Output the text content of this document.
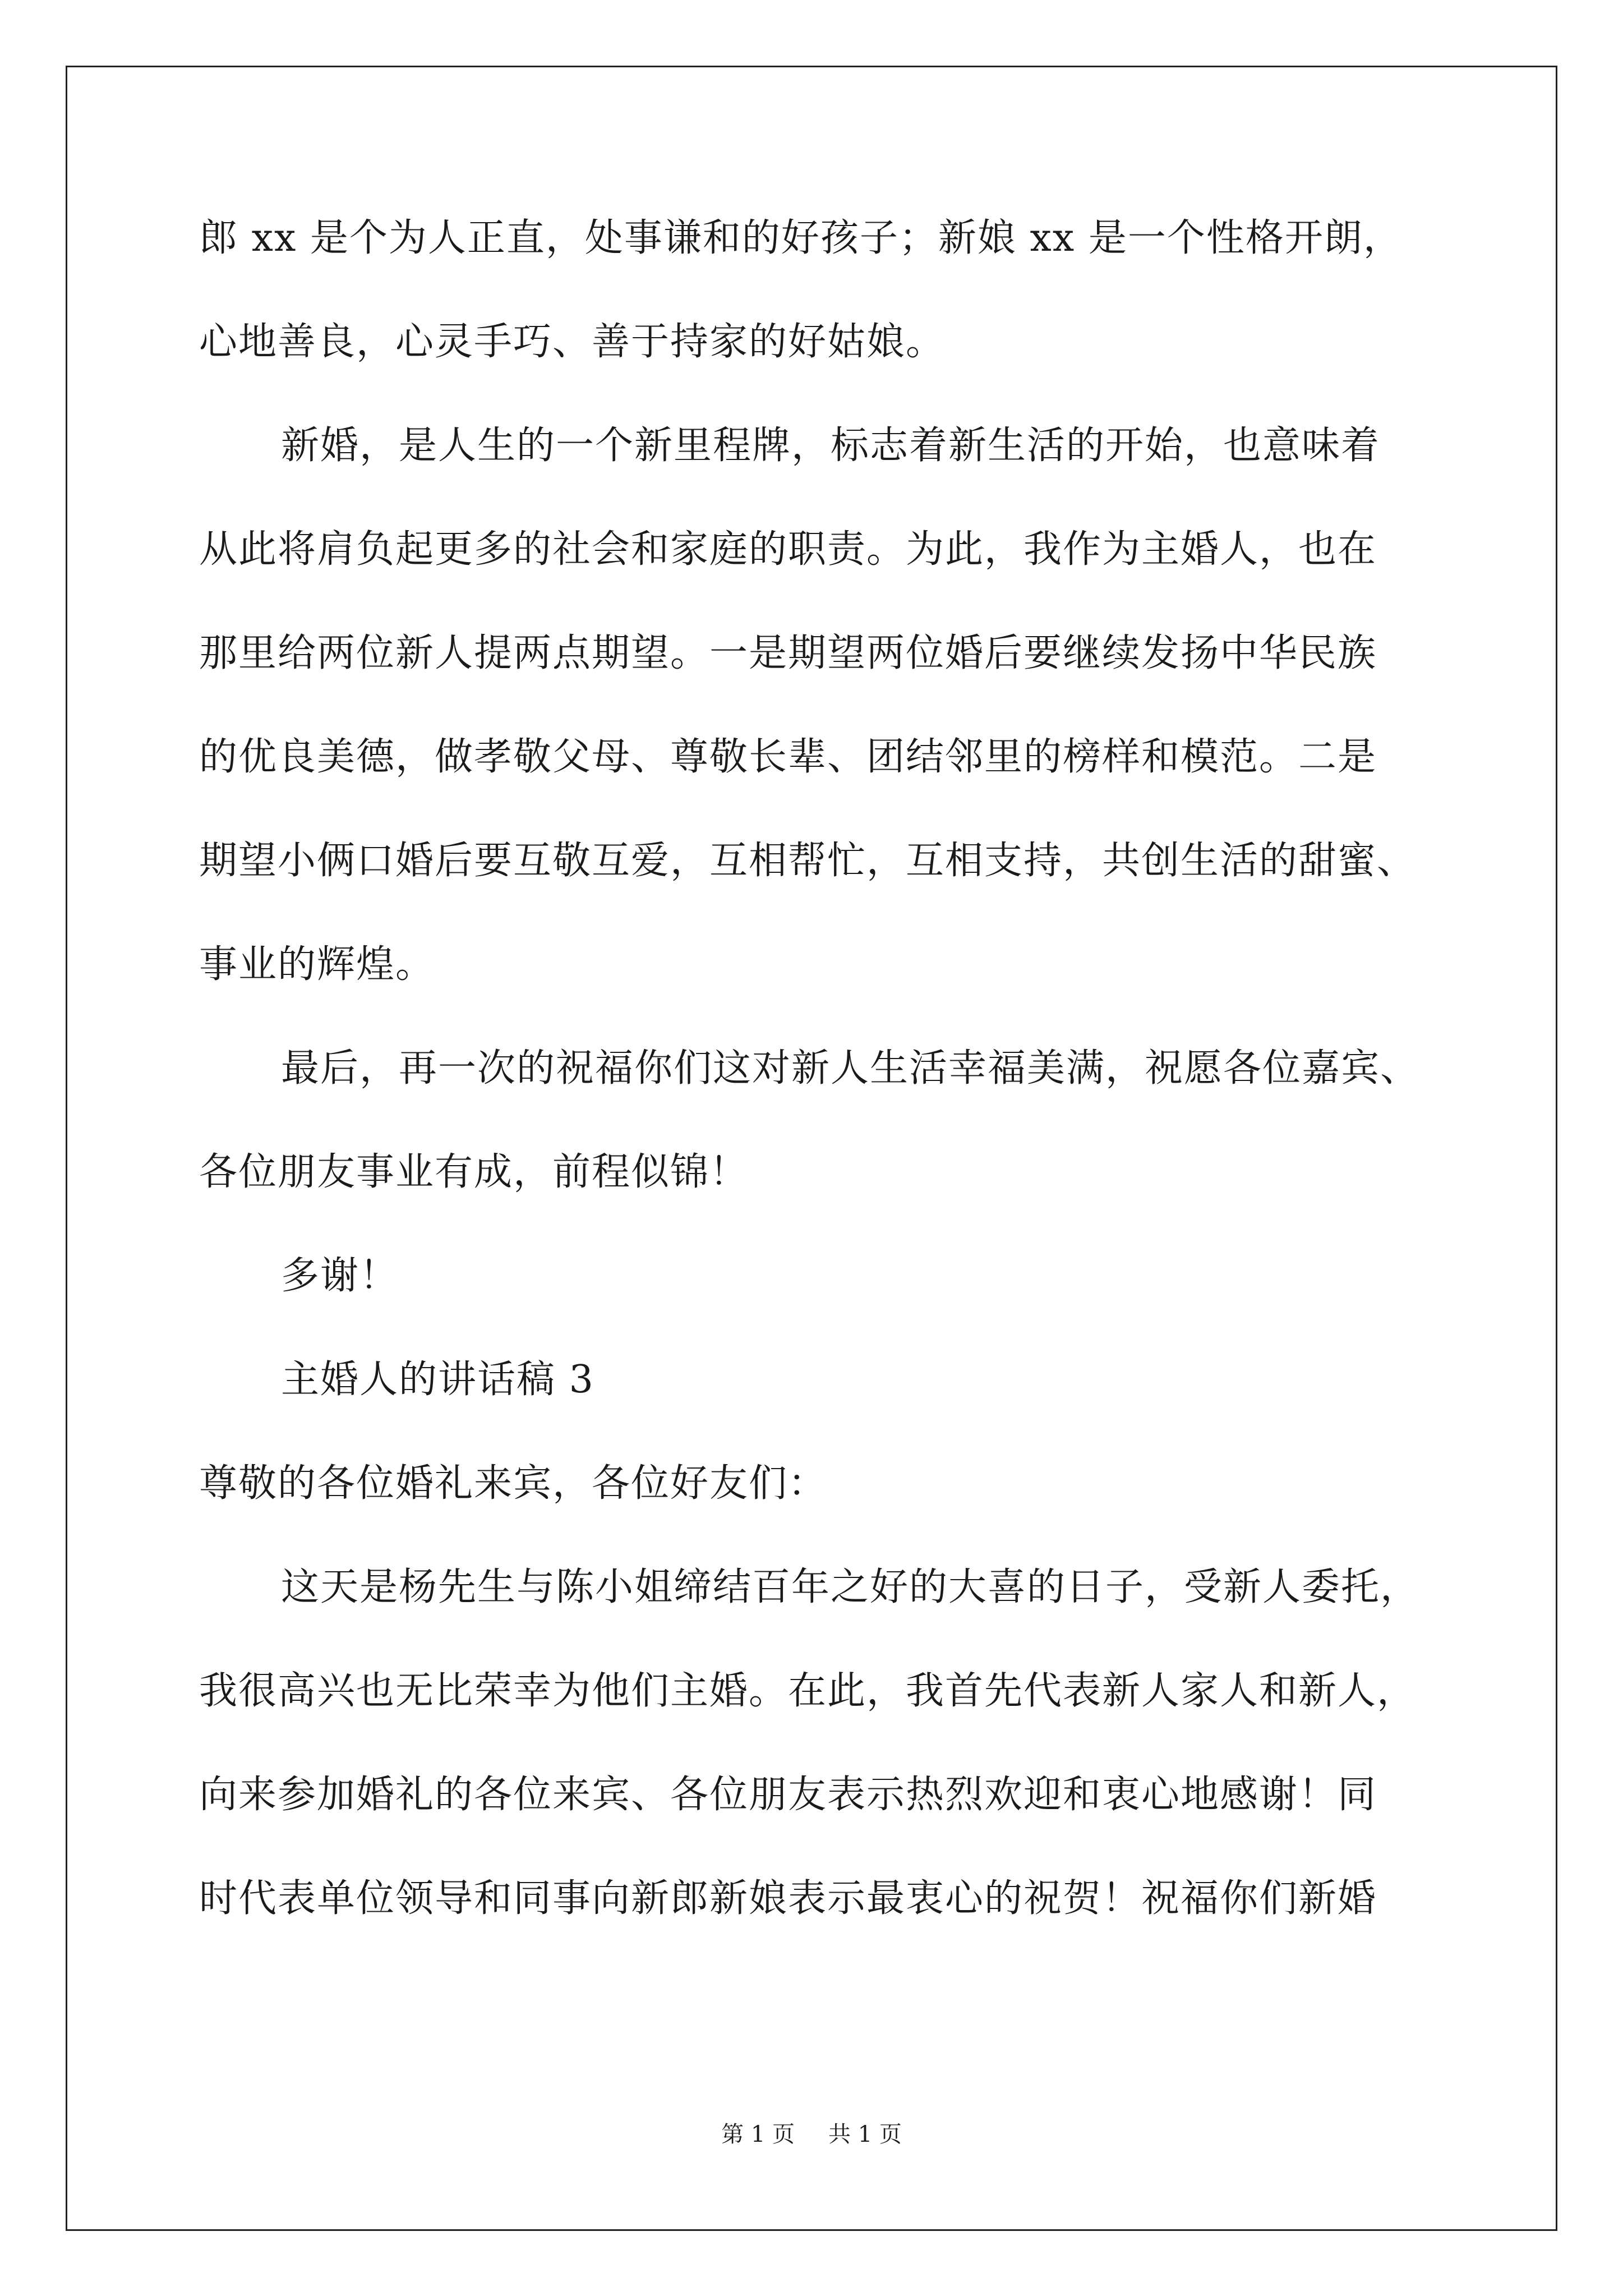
郎 xx 是个为人正直，处事谦和的好孩子；新娘 xx 是一个性格开朗，
心地善良，心灵手巧、善于持家的好姑娘。
新婚，是人生的一个新里程牌，标志着新生活的开始，也意味着
从此将肩负起更多的社会和家庭的职责。为此，我作为主婚人，也在
那里给两位新人提两点期望。一是期望两位婚后要继续发扬中华民族
的优良美德，做孝敬父母、尊敬长辈、团结邻里的榜样和模范。二是
期望小俩口婚后要互敬互爱，互相帮忙，互相支持，共创生活的甜蜜、
事业的辉煌。
最后，再一次的祝福你们这对新人生活幸福美满，祝愿各位嘉宾、
各位朋友事业有成，前程似锦！
多谢！
主婚人的讲话稿 3
尊敬的各位婚礼来宾，各位好友们：
这天是杨先生与陈小姐缔结百年之好的大喜的日子，受新人委托，
我很高兴也无比荣幸为他们主婚。在此，我首先代表新人家人和新人，
向来参加婚礼的各位来宾、各位朋友表示热烈欢迎和衷心地感谢！同
时代表单位领导和同事向新郎新娘表示最衷心的祝贺！祝福你们新婚
第 1 页 共 1 页
